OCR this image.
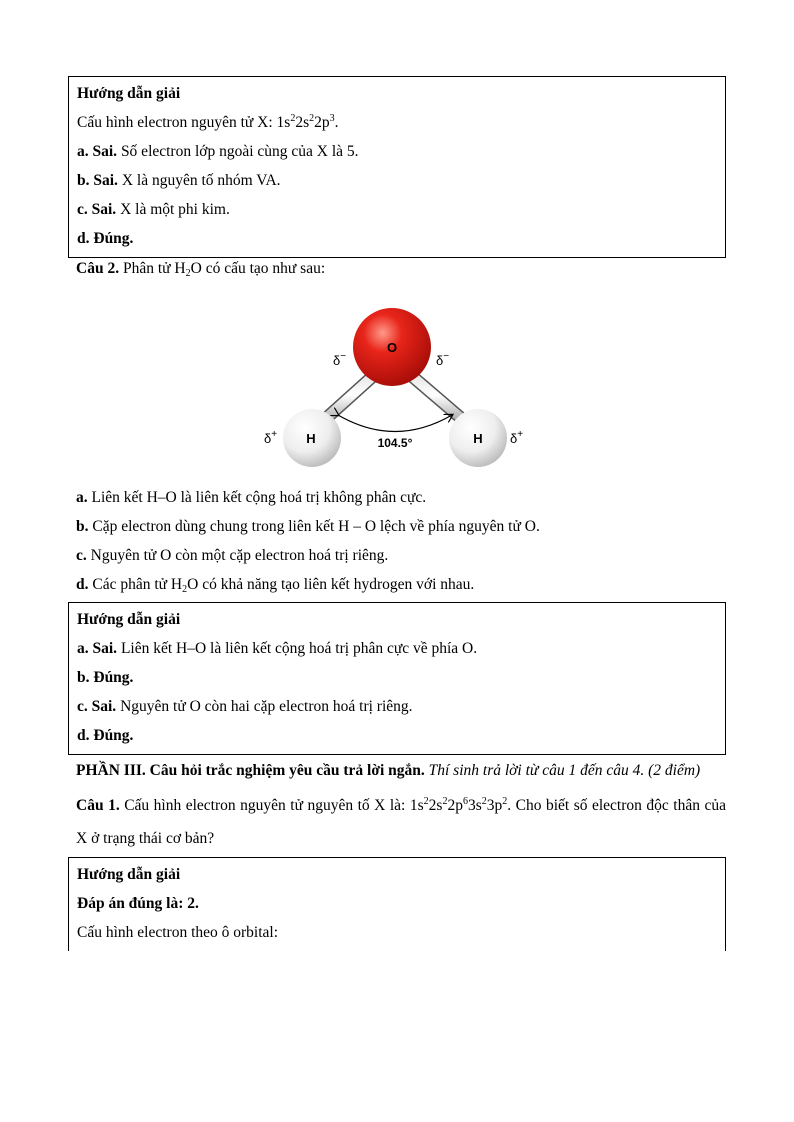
Hướng dẫn giải
Cấu hình electron nguyên tử X: $1s^22s^22p^3$.
a. Sai. Số electron lớp ngoài cùng của X là 5.
b. Sai. X là nguyên tố nhóm VA.
c. Sai. X là một phi kim.
d. Đúng.
Câu 2. Phân tử $H_2O$ có cấu tạo như sau:
O
H	H
104.5°
δ−	δ−
δ+	δ+
a. Liên kết H–O là liên kết cộng hoá trị không phân cực.
b. Cặp electron dùng chung trong liên kết H – O lệch về phía nguyên tử O.
c. Nguyên tử O còn một cặp electron hoá trị riêng.
d. Các phân tử $H_2O$ có khả năng tạo liên kết hydrogen với nhau.
Hướng dẫn giải
a. Sai. Liên kết H–O là liên kết cộng hoá trị phân cực về phía O.
b. Đúng.
c. Sai. Nguyên tử O còn hai cặp electron hoá trị riêng.
d. Đúng.
PHẦN III. Câu hỏi trắc nghiệm yêu cầu trả lời ngắn. Thí sinh trả lời từ câu 1 đến câu 4. (2 điểm)
Câu 1. Cấu hình electron nguyên tử nguyên tố X là: $1s^22s^22p^63s^23p^2$. Cho biết số electron độc thân của X ở trạng thái cơ bản?
Hướng dẫn giải
Đáp án đúng là: 2.
Cấu hình electron theo ô orbital:
